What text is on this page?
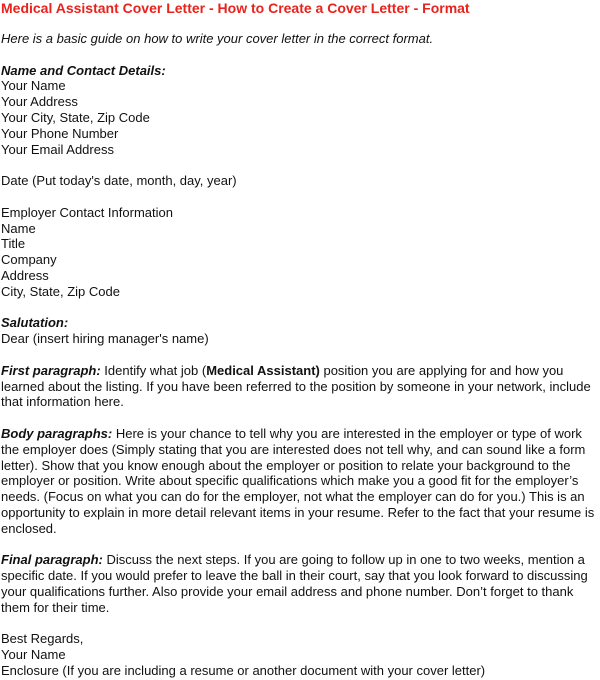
Medical Assistant Cover Letter - How to Create a Cover Letter - Format
Here is a basic guide on how to write your cover letter in the correct format.
Name and Contact Details:
Your Name
Your Address
Your City, State, Zip Code
Your Phone Number
Your Email Address
Date (Put today's date, month, day, year)
Employer Contact Information
Name
Title
Company
Address
City, State, Zip Code
Salutation:
Dear (insert hiring manager's name)
First paragraph: Identify what job (Medical Assistant) position you are applying for and how you learned about the listing. If you have been referred to the position by someone in your network, include that information here.
Body paragraphs: Here is your chance to tell why you are interested in the employer or type of work the employer does (Simply stating that you are interested does not tell why, and can sound like a form letter). Show that you know enough about the employer or position to relate your background to the employer or position. Write about specific qualifications which make you a good fit for the employer’s needs. (Focus on what you can do for the employer, not what the employer can do for you.) This is an opportunity to explain in more detail relevant items in your resume. Refer to the fact that your resume is enclosed.
Final paragraph: Discuss the next steps. If you are going to follow up in one to two weeks, mention a specific date. If you would prefer to leave the ball in their court, say that you look forward to discussing your qualifications further. Also provide your email address and phone number. Don’t forget to thank them for their time.
Best Regards,
Your Name
Enclosure (If you are including a resume or another document with your cover letter)
